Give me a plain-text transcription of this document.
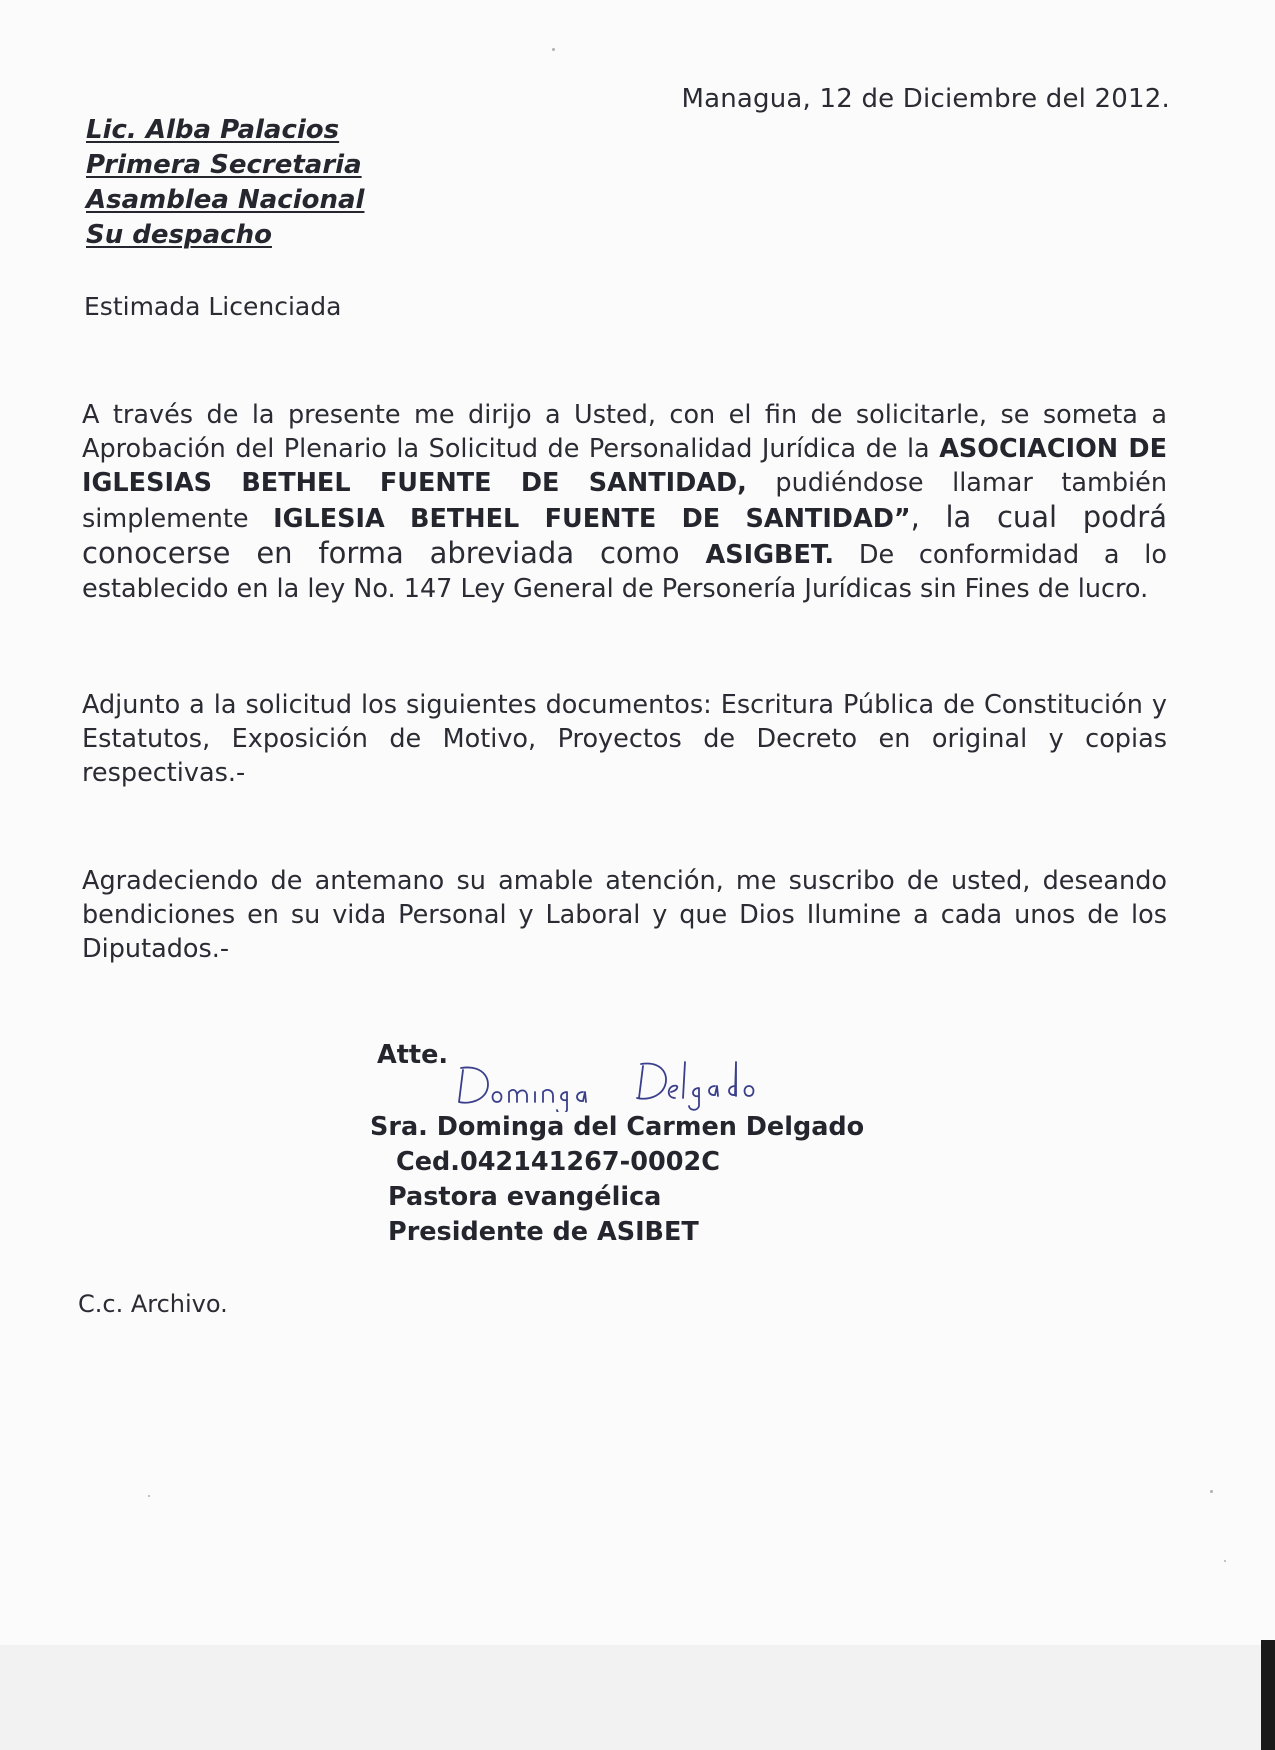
Managua, 12 de Diciembre del 2012.
Lic. Alba Palacios
Primera Secretaria
Asamblea Nacional
Su despacho
Estimada Licenciada
A través de la presente me dirijo a Usted, con el fin de solicitarle, se someta a Aprobación del Plenario la Solicitud de Personalidad Jurídica de la ASOCIACION DE IGLESIAS BETHEL FUENTE DE SANTIDAD, pudiéndose llamar también simplemente IGLESIA BETHEL FUENTE DE SANTIDAD”, la cual podrá conocerse en forma abreviada como ASIGBET. De conformidad a lo establecido en la ley No. 147 Ley General de Personería Jurídicas sin Fines de lucro.
Adjunto a la solicitud los siguientes documentos: Escritura Pública de Constitución y Estatutos, Exposición de Motivo, Proyectos de Decreto en original y copias respectivas.-
Agradeciendo de antemano su amable atención, me suscribo de usted, deseando bendiciones en su vida Personal y Laboral y que Dios Ilumine a cada unos de los Diputados.-
Atte.
Sra. Dominga del Carmen Delgado
Ced.042141267-0002C
Pastora evangélica
Presidente de ASIBET
C.c. Archivo.
